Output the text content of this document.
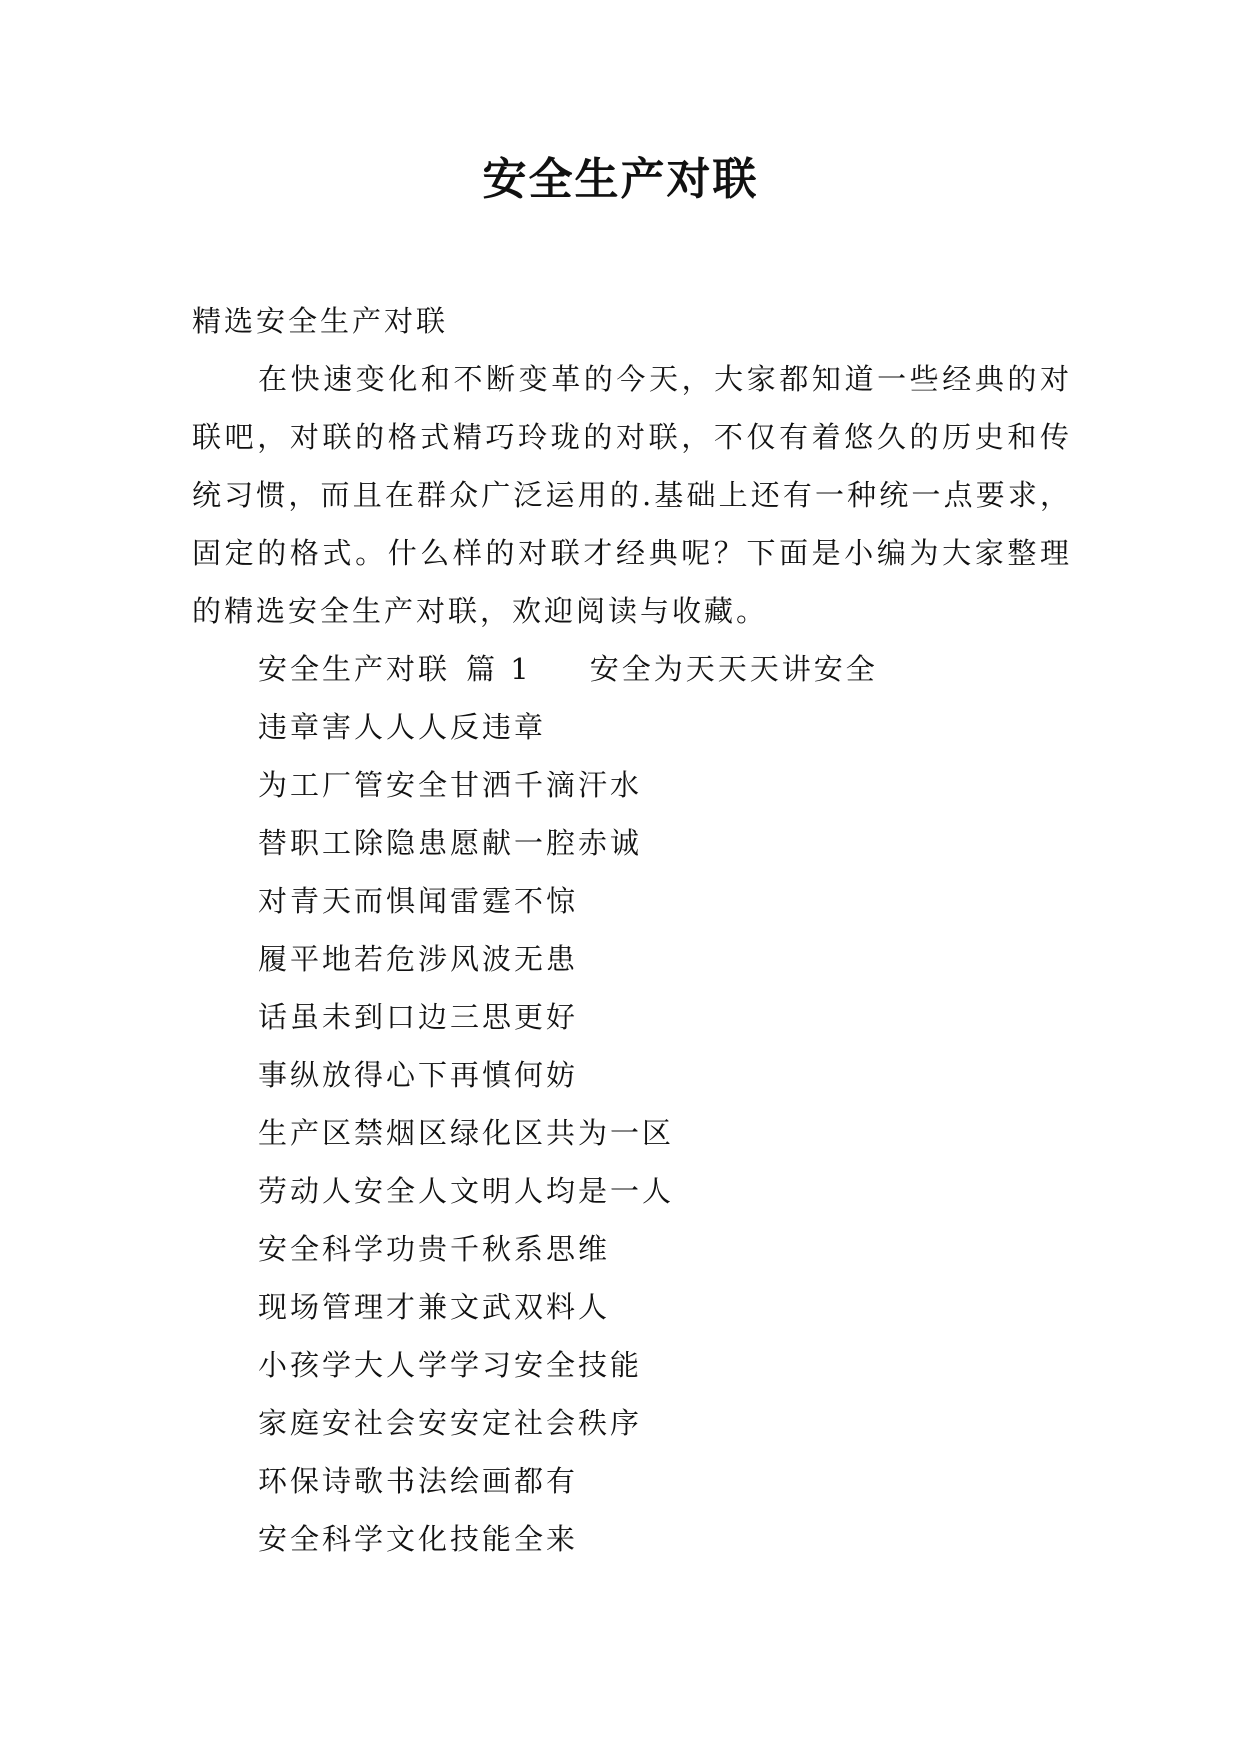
安全生产对联

精选安全生产对联

在快速变化和不断变革的今天，大家都知道一些经典的对联吧，对联的格式精巧玲珑的对联，不仅有着悠久的历史和传统习惯，而且在群众广泛运用的.基础上还有一种统一点要求，固定的格式。什么样的对联才经典呢？下面是小编为大家整理的精选安全生产对联，欢迎阅读与收藏。

安全生产对联 篇 1 安全为天天天讲安全
违章害人人人反违章
为工厂管安全甘洒千滴汗水
替职工除隐患愿献一腔赤诚
对青天而惧闻雷霆不惊
履平地若危涉风波无患
话虽未到口边三思更好
事纵放得心下再慎何妨
生产区禁烟区绿化区共为一区
劳动人安全人文明人均是一人
安全科学功贵千秋系思维
现场管理才兼文武双料人
小孩学大人学学习安全技能
家庭安社会安安定社会秩序
环保诗歌书法绘画都有
安全科学文化技能全来
